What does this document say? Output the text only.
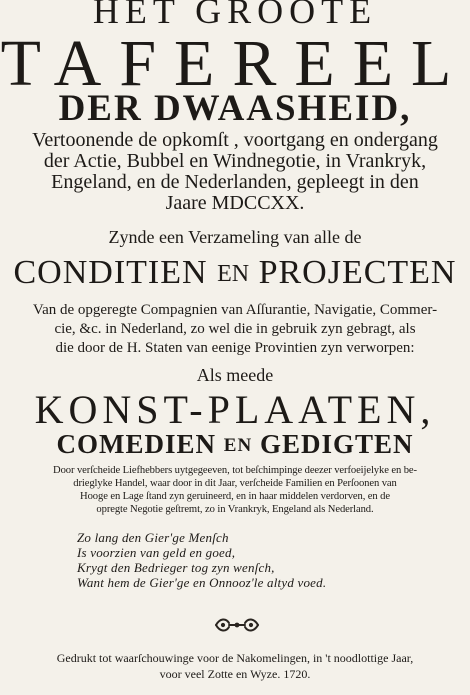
HET GROOTE
TAFEREEL
DER DWAASHEID,
Vertoonende de opkomſt , voortgang en ondergang
der Actie, Bubbel en Windnegotie, in Vrankryk,
Engeland, en de Nederlanden, gepleegt in den
Jaare MDCCXX.
Zynde een Verzameling van alle de
CONDITIEN EN PROJECTEN
Van de opgeregte Compagnien van Aſſurantie, Navigatie, Commer-
cie, &c. in Nederland, zo wel die in gebruik zyn gebragt, als
die door de H. Staten van eenige Provintien zyn verworpen:
Als meede
KONST-PLAATEN,
COMEDIEN EN GEDIGTEN
Door verſcheide Liefhebbers uytgegeeven, tot beſchimpinge deezer verfoeijelyke en be-
drieglyke Handel, waar door in dit Jaar, verſcheide Familien en Perſoonen van
Hooge en Lage ſtand zyn geruineerd, en in haar middelen verdorven, en de
opregte Negotie geſtremt, zo in Vrankryk, Engeland als Nederland.
Zo lang den Gier'ge Menſch
Is voorzien van geld en goed,
Krygt den Bedrieger tog zyn wenſch,
Want hem de Gier'ge en Onnooz'le altyd voed.
Gedrukt tot waarſchouwinge voor de Nakomelingen, in 't noodlottige Jaar,
voor veel Zotte en Wyze. 1720.
